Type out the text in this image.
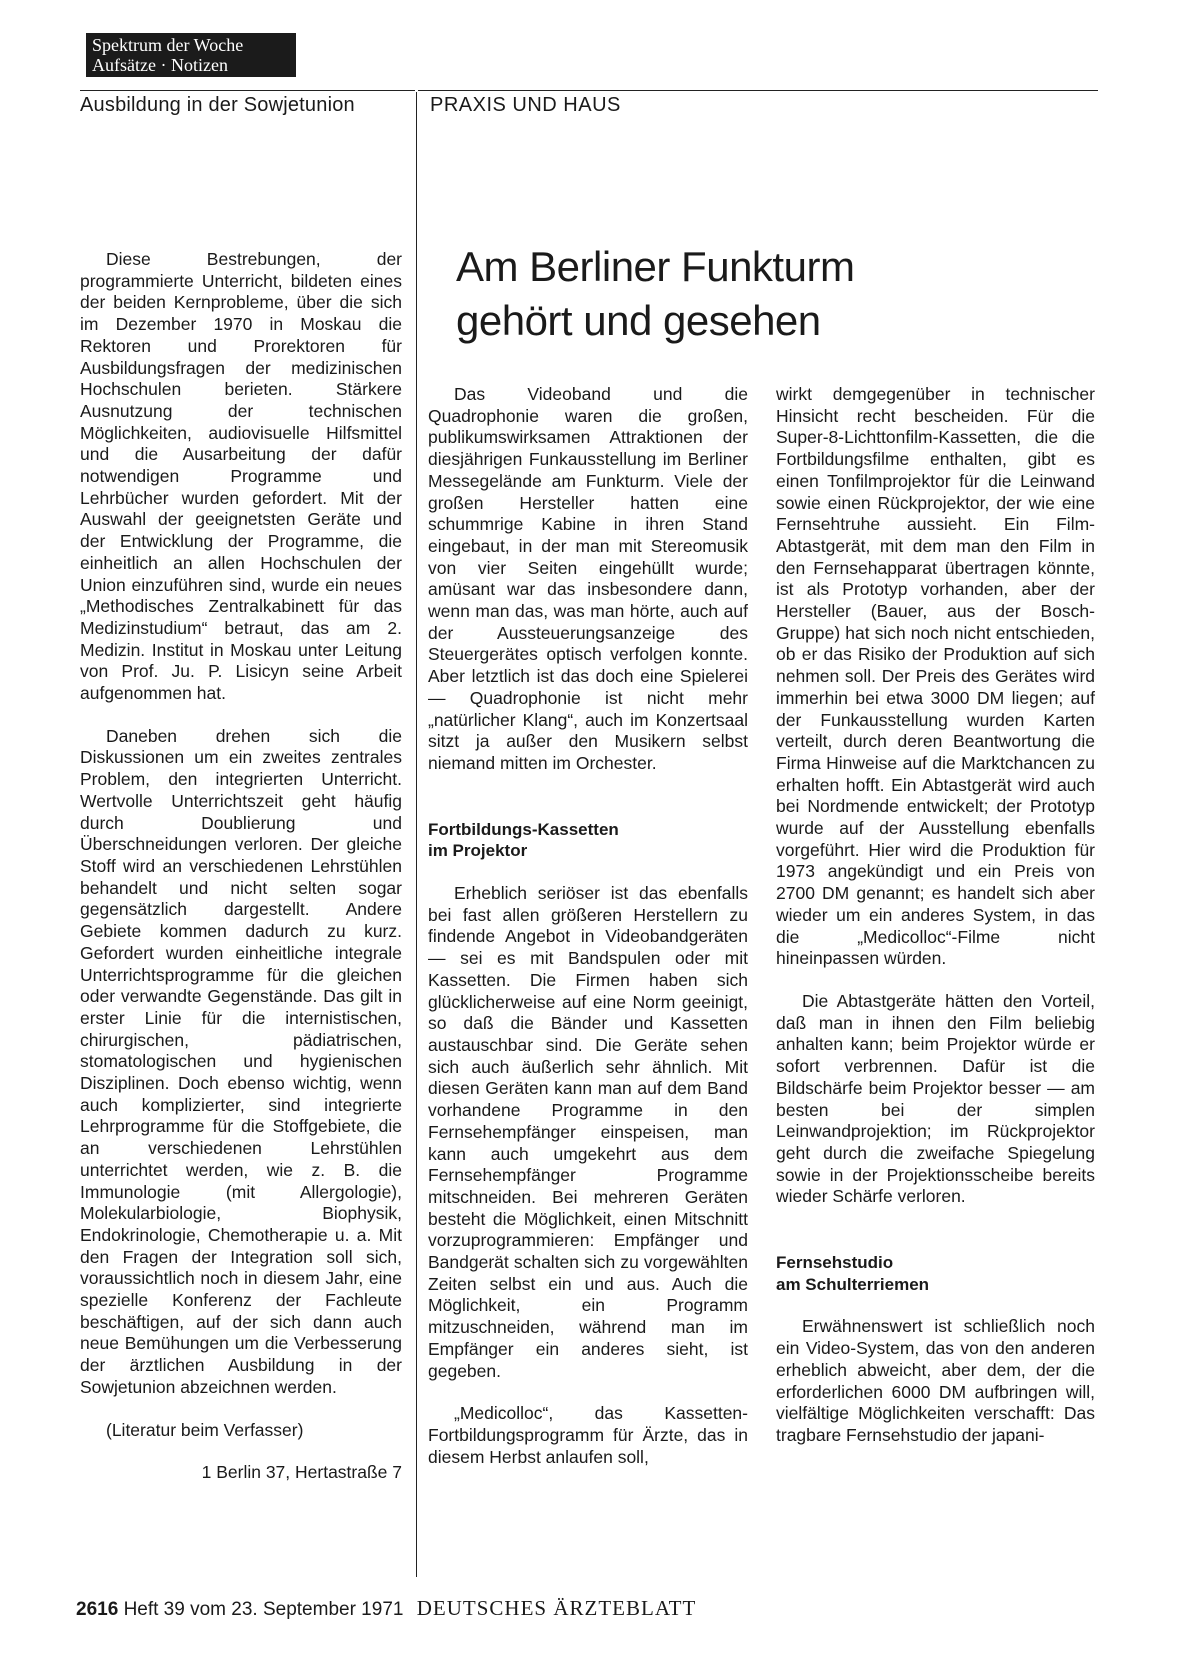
Spektrum der Woche
Aufsätze · Notizen
Ausbildung in der Sowjetunion	PRAXIS UND HAUS
Am Berliner Funkturm
gehört und gesehen

Diese Bestrebungen, der programmierte Unterricht, bildeten eines der beiden Kernprobleme, über die sich im Dezember 1970 in Moskau die Rektoren und Prorektoren für Ausbildungsfragen der medizinischen Hochschulen berieten. Stärkere Ausnutzung der technischen Möglichkeiten, audiovisuelle Hilfsmittel und die Ausarbeitung der dafür notwendigen Programme und Lehrbücher wurden gefordert. Mit der Auswahl der geeignetsten Geräte und der Entwicklung der Programme, die einheitlich an allen Hochschulen der Union einzuführen sind, wurde ein neues „Methodisches Zentralkabinett für das Medizinstudium“ betraut, das am 2. Medizin. Institut in Moskau unter Leitung von Prof. Ju. P. Lisicyn seine Arbeit aufgenommen hat.

Daneben drehen sich die Diskussionen um ein zweites zentrales Problem, den integrierten Unterricht. Wertvolle Unterrichtszeit geht häufig durch Doublierung und Überschneidungen verloren. Der gleiche Stoff wird an verschiedenen Lehrstühlen behandelt und nicht selten sogar gegensätzlich dargestellt. Andere Gebiete kommen dadurch zu kurz. Gefordert wurden einheitliche integrale Unterrichtsprogramme für die gleichen oder verwandte Gegenstände. Das gilt in erster Linie für die internistischen, chirurgischen, pädiatrischen, stomatologischen und hygienischen Disziplinen. Doch ebenso wichtig, wenn auch komplizierter, sind integrierte Lehrprogramme für die Stoffgebiete, die an verschiedenen Lehrstühlen unterrichtet werden, wie z. B. die Immunologie (mit Allergologie), Molekularbiologie, Biophysik, Endokrinologie, Chemotherapie u. a. Mit den Fragen der Integration soll sich, voraussichtlich noch in diesem Jahr, eine spezielle Konferenz der Fachleute beschäftigen, auf der sich dann auch neue Bemühungen um die Verbesserung der ärztlichen Ausbildung in der Sowjetunion abzeichnen werden.

(Literatur beim Verfasser)

1 Berlin 37, Hertastraße 7

Das Videoband und die Quadrophonie waren die großen, publikumswirksamen Attraktionen der diesjährigen Funkausstellung im Berliner Messegelände am Funkturm. Viele der großen Hersteller hatten eine schummrige Kabine in ihren Stand eingebaut, in der man mit Stereomusik von vier Seiten eingehüllt wurde; amüsant war das insbesondere dann, wenn man das, was man hörte, auch auf der Aussteuerungsanzeige des Steuergerätes optisch verfolgen konnte. Aber letztlich ist das doch eine Spielerei — Quadrophonie ist nicht mehr „natürlicher Klang“, auch im Konzertsaal sitzt ja außer den Musikern selbst niemand mitten im Orchester.

Fortbildungs-Kassetten
im Projektor

Erheblich seriöser ist das ebenfalls bei fast allen größeren Herstellern zu findende Angebot in Videobandgeräten — sei es mit Bandspulen oder mit Kassetten. Die Firmen haben sich glücklicherweise auf eine Norm geeinigt, so daß die Bänder und Kassetten austauschbar sind. Die Geräte sehen sich auch äußerlich sehr ähnlich. Mit diesen Geräten kann man auf dem Band vorhandene Programme in den Fernsehempfänger einspeisen, man kann auch umgekehrt aus dem Fernsehempfänger Programme mitschneiden. Bei mehreren Geräten besteht die Möglichkeit, einen Mitschnitt vorzuprogrammieren: Empfänger und Bandgerät schalten sich zu vorgewählten Zeiten selbst ein und aus. Auch die Möglichkeit, ein Programm mitzuschneiden, während man im Empfänger ein anderes sieht, ist gegeben.

„Medicolloc“, das Kassetten-Fortbildungsprogramm für Ärzte, das in diesem Herbst anlaufen soll,

wirkt demgegenüber in technischer Hinsicht recht bescheiden. Für die Super-8-Lichttonfilm-Kassetten, die die Fortbildungsfilme enthalten, gibt es einen Tonfilmprojektor für die Leinwand sowie einen Rückprojektor, der wie eine Fernsehtruhe aussieht. Ein Film-Abtastgerät, mit dem man den Film in den Fernsehapparat übertragen könnte, ist als Prototyp vorhanden, aber der Hersteller (Bauer, aus der Bosch-Gruppe) hat sich noch nicht entschieden, ob er das Risiko der Produktion auf sich nehmen soll. Der Preis des Gerätes wird immerhin bei etwa 3000 DM liegen; auf der Funkausstellung wurden Karten verteilt, durch deren Beantwortung die Firma Hinweise auf die Marktchancen zu erhalten hofft. Ein Abtastgerät wird auch bei Nordmende entwickelt; der Prototyp wurde auf der Ausstellung ebenfalls vorgeführt. Hier wird die Produktion für 1973 angekündigt und ein Preis von 2700 DM genannt; es handelt sich aber wieder um ein anderes System, in das die „Medicolloc“-Filme nicht hineinpassen würden.

Die Abtastgeräte hätten den Vorteil, daß man in ihnen den Film beliebig anhalten kann; beim Projektor würde er sofort verbrennen. Dafür ist die Bildschärfe beim Projektor besser — am besten bei der simplen Leinwandprojektion; im Rückprojektor geht durch die zweifache Spiegelung sowie in der Projektionsscheibe bereits wieder Schärfe verloren.

Fernsehstudio
am Schulterriemen

Erwähnenswert ist schließlich noch ein Video-System, das von den anderen erheblich abweicht, aber dem, der die erforderlichen 6000 DM aufbringen will, vielfältige Möglichkeiten verschafft: Das tragbare Fernsehstudio der japani-

2616 Heft 39 vom 23. September 1971 DEUTSCHES ÄRZTEBLATT
